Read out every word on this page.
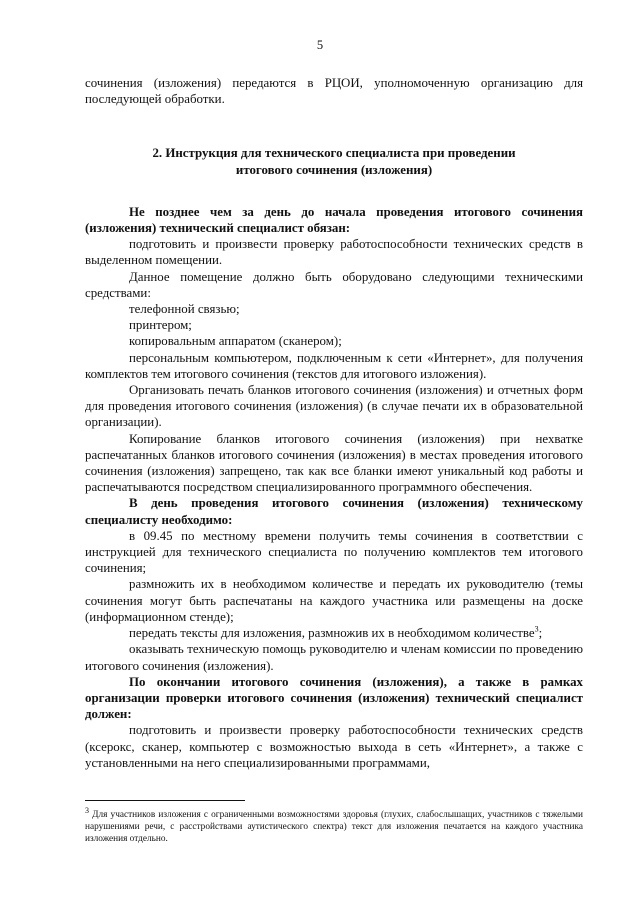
5

сочинения (изложения) передаются в РЦОИ, уполномоченную организацию для последующей обработки.

2. Инструкция для технического специалиста при проведении
итогового сочинения (изложения)

Не позднее чем за день до начала проведения итогового сочинения (изложения) технический специалист обязан:

подготовить и произвести проверку работоспособности технических средств в выделенном помещении.

Данное помещение должно быть оборудовано следующими техническими средствами:

телефонной связью;

принтером;

копировальным аппаратом (сканером);

персональным компьютером, подключенным к сети «Интернет», для получения комплектов тем итогового сочинения (текстов для итогового изложения).

Организовать печать бланков итогового сочинения (изложения) и отчетных форм для проведения итогового сочинения (изложения) (в случае печати их в образовательной организации).

Копирование бланков итогового сочинения (изложения) при нехватке распечатанных бланков итогового сочинения (изложения) в местах проведения итогового сочинения (изложения) запрещено, так как все бланки имеют уникальный код работы и распечатываются посредством специализированного программного обеспечения.

В день проведения итогового сочинения (изложения) техническому специалисту необходимо:

в 09.45 по местному времени получить темы сочинения в соответствии с инструкцией для технического специалиста по получению комплектов тем итогового сочинения;

размножить их в необходимом количестве и передать их руководителю (темы сочинения могут быть распечатаны на каждого участника или размещены на доске (информационном стенде);

передать тексты для изложения, размножив их в необходимом количестве$^3$;

оказывать техническую помощь руководителю и членам комиссии по проведению итогового сочинения (изложения).

По окончании итогового сочинения (изложения), а также в рамках организации проверки итогового сочинения (изложения) технический специалист должен:

подготовить и произвести проверку работоспособности технических средств (ксерокс, сканер, компьютер с возможностью выхода в сеть «Интернет», а также с установленными на него специализированными программами,

$^3$ Для участников изложения с ограниченными возможностями здоровья (глухих, слабослышащих, участников с тяжелыми нарушениями речи, с расстройствами аутистического спектра) текст для изложения печатается на каждого участника изложения отдельно.
